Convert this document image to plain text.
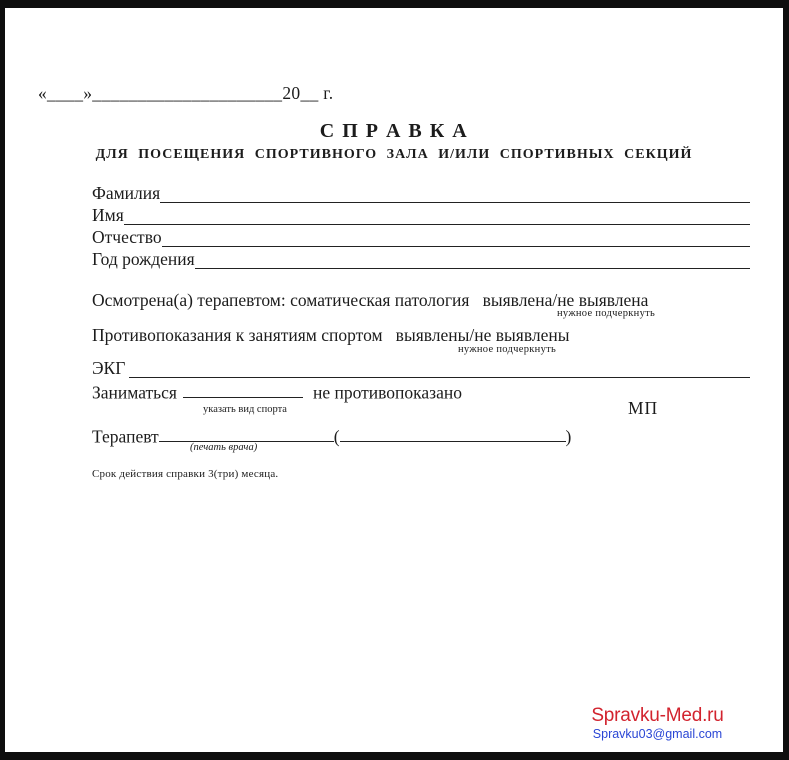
«____»_____________________20__ г.
С П Р А В К А
ДЛЯ ПОСЕЩЕНИЯ СПОРТИВНОГО ЗАЛА И/ИЛИ СПОРТИВНЫХ СЕКЦИЙ
Фамилия
Имя
Отчество
Год рождения
Осмотрена(а) терапевтом: соматическая патология   выявлена/не выявлена
нужное подчеркнуть
Противопоказания к занятиям спортом   выявлены/не выявлены
нужное подчеркнуть
ЭКГ
Заниматься	не противопоказано
указать вид спорта	МП
Терапевт	(	)
(печать врача)
Срок действия справки 3(три) месяца.
Spravku-Med.ru
Spravku03@gmail.com
